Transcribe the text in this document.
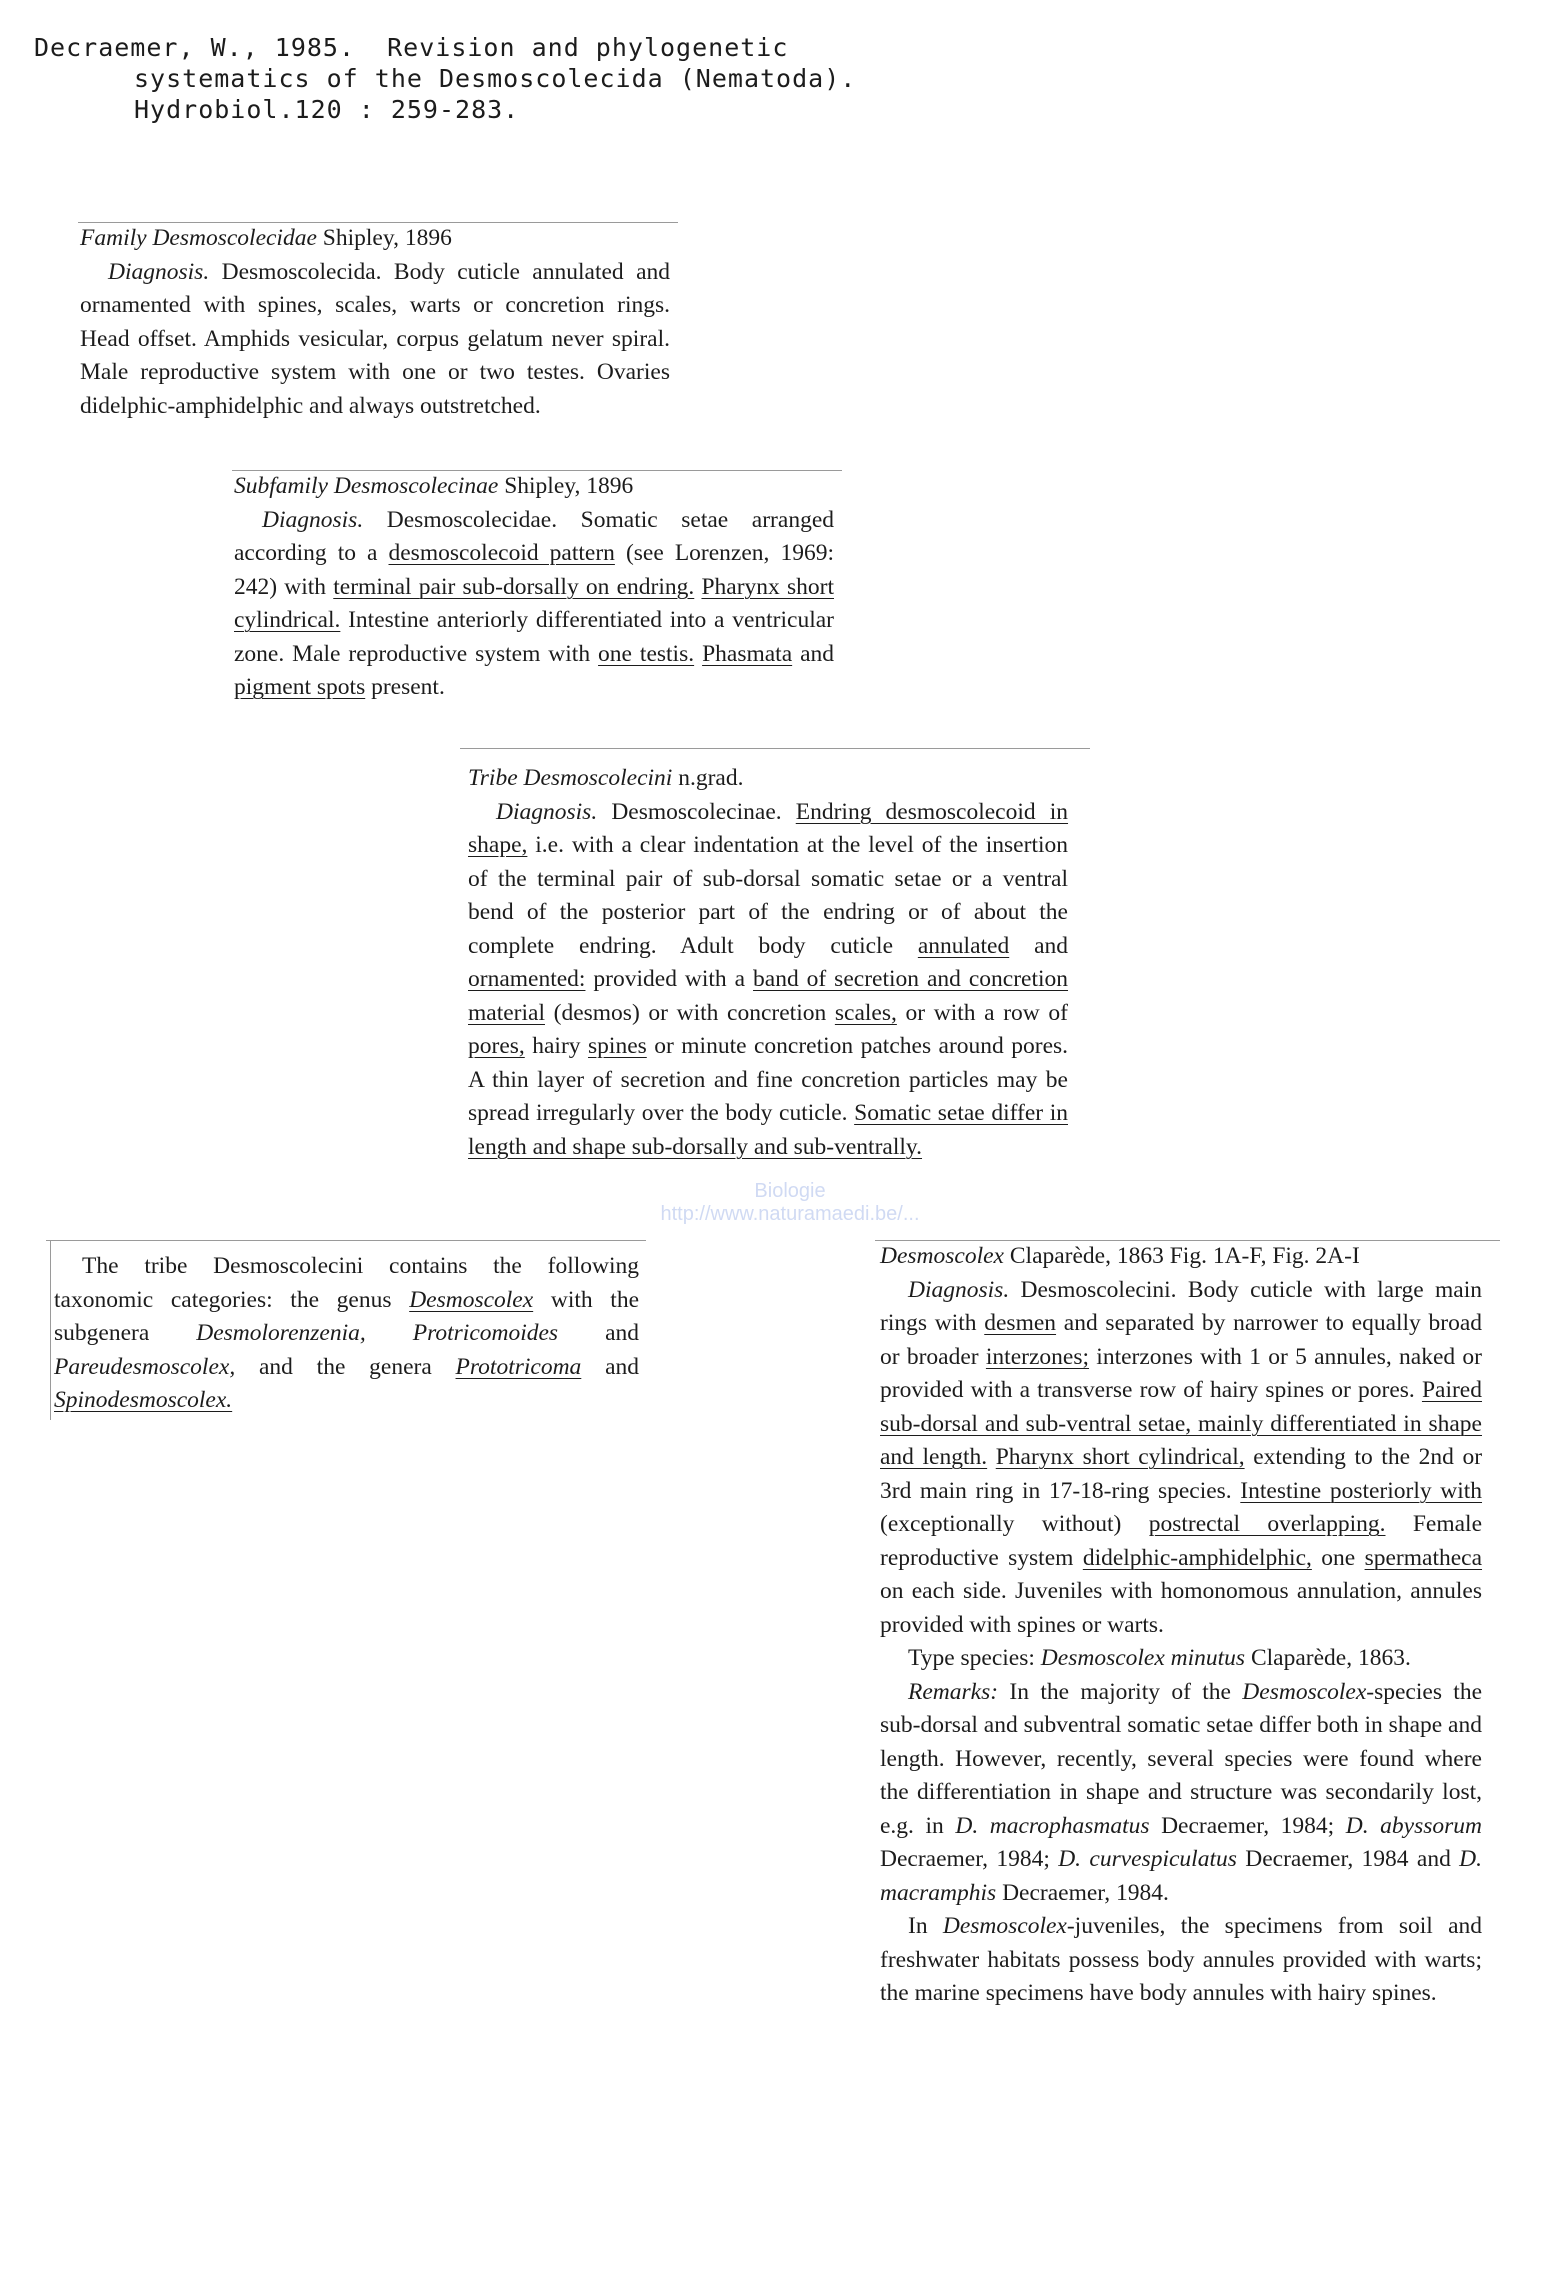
Decraemer, W., 1985.  Revision and phylogenetic
systematics of the Desmoscolecida (Nematoda).
Hydrobiol.120 : 259-283.
Family Desmoscolecidae Shipley, 1896
Diagnosis. Desmoscolecida. Body cuticle annulated and ornamented with spines, scales, warts or concretion rings. Head offset. Amphids vesicular, corpus gelatum never spiral. Male reproductive system with one or two testes. Ovaries didelphic-amphidelphic and always outstretched.
Subfamily Desmoscolecinae Shipley, 1896
Diagnosis. Desmoscolecidae. Somatic setae arranged according to a desmoscolecoid pattern (see Lorenzen, 1969: 242) with terminal pair sub-dorsally on endring. Pharynx short cylindrical. Intestine anteriorly differentiated into a ventricular zone. Male reproductive system with one testis. Phasmata and pigment spots present.
Tribe Desmoscolecini n.grad.
Diagnosis. Desmoscolecinae. Endring desmoscolecoid in shape, i.e. with a clear indentation at the level of the insertion of the terminal pair of sub-dorsal somatic setae or a ventral bend of the posterior part of the endring or of about the complete endring. Adult body cuticle annulated and ornamented: provided with a band of secretion and concretion material (desmos) or with concretion scales, or with a row of pores, hairy spines or minute concretion patches around pores. A thin layer of secretion and fine concretion particles may be spread irregularly over the body cuticle. Somatic setae differ in length and shape sub-dorsally and sub-ventrally.
Biologie
http://www.naturamaedi.be/...
The tribe Desmoscolecini contains the following taxonomic categories: the genus Desmoscolex with the subgenera Desmolorenzenia, Protricomoides and Pareudesmoscolex, and the genera Prototricoma and Spinodesmoscolex.
Desmoscolex Claparède, 1863 Fig. 1A-F, Fig. 2A-I
Diagnosis. Desmoscolecini. Body cuticle with large main rings with desmen and separated by narrower to equally broad or broader interzones; interzones with 1 or 5 annules, naked or provided with a transverse row of hairy spines or pores. Paired sub-dorsal and sub-ventral setae, mainly differentiated in shape and length. Pharynx short cylindrical, extending to the 2nd or 3rd main ring in 17-18-ring species. Intestine posteriorly with (exceptionally without) postrectal overlapping. Female reproductive system didelphic-amphidelphic, one spermatheca on each side. Juveniles with homonomous annulation, annules provided with spines or warts.
Type species: Desmoscolex minutus Claparède, 1863.
Remarks: In the majority of the Desmoscolex-species the sub-dorsal and subventral somatic setae differ both in shape and length. However, recently, several species were found where the differentiation in shape and structure was secondarily lost, e.g. in D. macrophasmatus Decraemer, 1984; D. abyssorum Decraemer, 1984; D. curvespiculatus Decraemer, 1984 and D. macramphis Decraemer, 1984.
In Desmoscolex-juveniles, the specimens from soil and freshwater habitats possess body annules provided with warts; the marine specimens have body annules with hairy spines.
